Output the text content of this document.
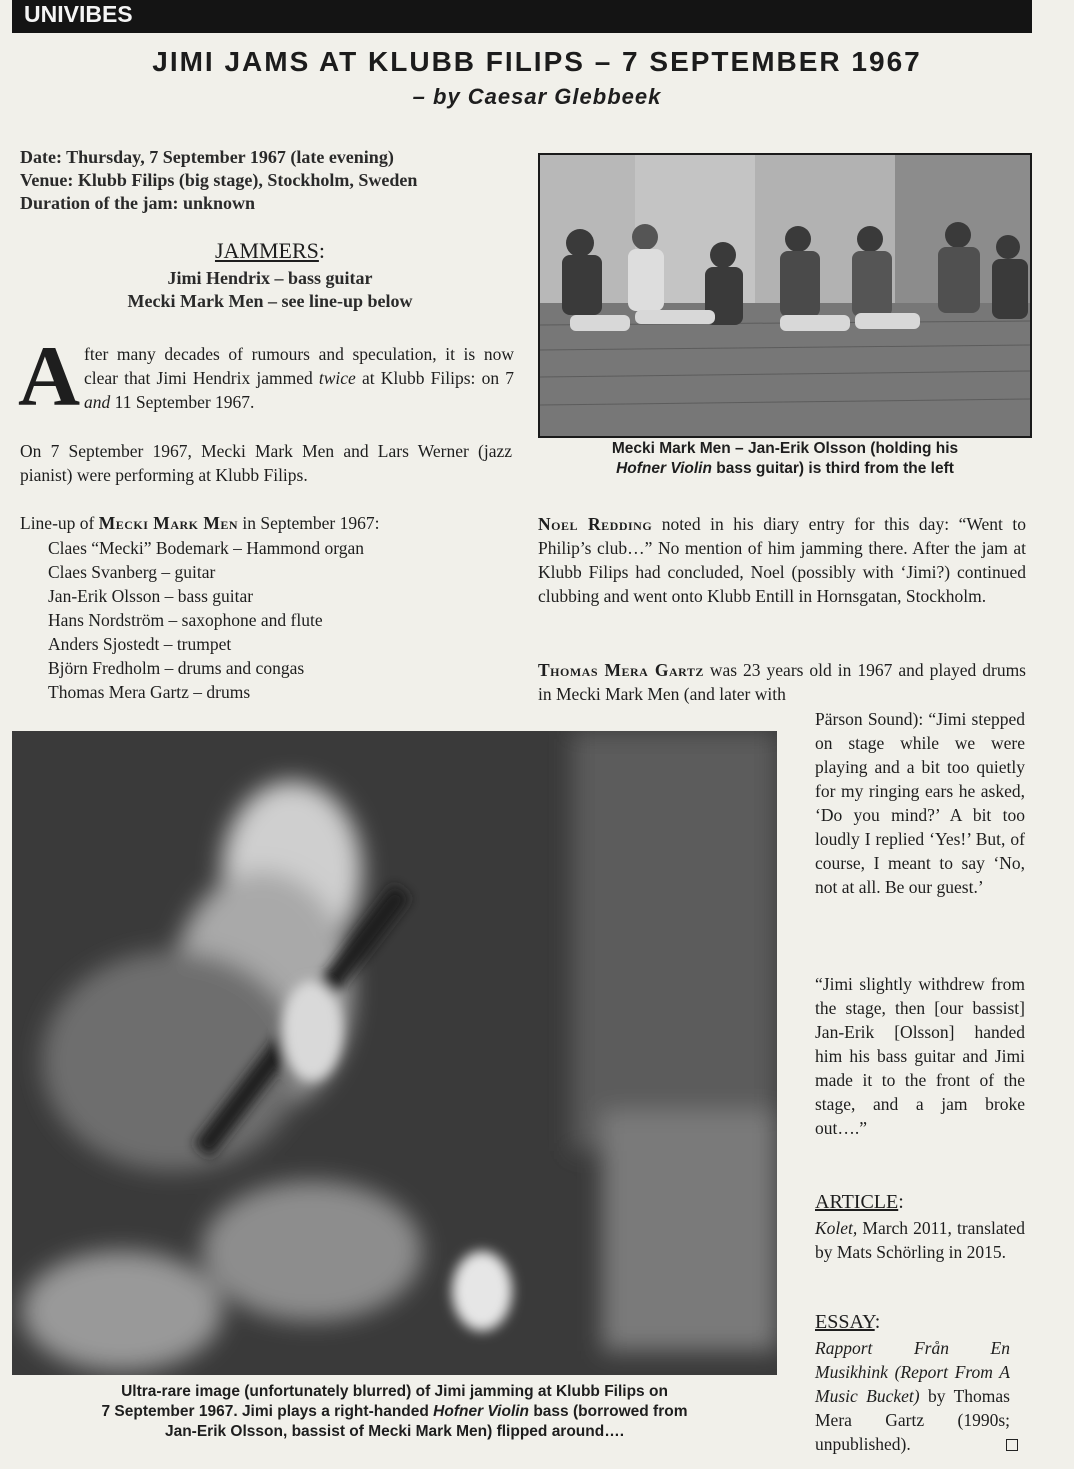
UNIVIBES
JIMI JAMS AT KLUBB FILIPS – 7 SEPTEMBER 1967
– by Caesar Glebbeek
Date: Thursday, 7 September 1967 (late evening)
Venue: Klubb Filips (big stage), Stockholm, Sweden
Duration of the jam: unknown
JAMMERS:
Jimi Hendrix – bass guitar
Mecki Mark Men – see line-up below
A fter many decades of rumours and speculation, it is now clear that Jimi Hendrix jammed twice at Klubb Filips: on 7 and 11 September 1967.
On 7 September 1967, Mecki Mark Men and Lars Werner (jazz pianist) were performing at Klubb Filips.
Line-up of Mecki Mark Men in September 1967:
Claes “Mecki” Bodemark – Hammond organ
Claes Svanberg – guitar
Jan-Erik Olsson – bass guitar
Hans Nordström – saxophone and flute
Anders Sjostedt – trumpet
Björn Fredholm – drums and congas
Thomas Mera Gartz – drums
Mecki Mark Men – Jan-Erik Olsson (holding his
Hofner Violin bass guitar) is third from the left
Noel Redding noted in his diary entry for this day: “Went to Philip’s club…” No mention of him jamming there. After the jam at Klubb Filips had concluded, Noel (possibly with ‘Jimi?) continued clubbing and went onto Klubb Entill in Hornsgatan, Stockholm.
Thomas Mera Gartz was 23 years old in 1967 and played drums in Mecki Mark Men (and later with
Pärson Sound): “Jimi stepped on stage while we were playing and a bit too quietly for my ringing ears he asked, ‘Do you mind?’ A bit too loudly I replied ‘Yes!’ But, of course, I meant to say ‘No, not at all. Be our guest.’
“Jimi slightly withdrew from the stage, then [our bassist] Jan-Erik [Olsson] handed him his bass guitar and Jimi made it to the front of the stage, and a jam broke out….”
ARTICLE:
Kolet, March 2011, translated by Mats Schörling in 2015.
ESSAY:
Rapport Från En Musikhink (Report From A Music Bucket) by Thomas Mera Gartz (1990s; unpublished).
Ultra-rare image (unfortunately blurred) of Jimi jamming at Klubb Filips on
7 September 1967. Jimi plays a right-handed Hofner Violin bass (borrowed from
Jan-Erik Olsson, bassist of Mecki Mark Men) flipped around….
